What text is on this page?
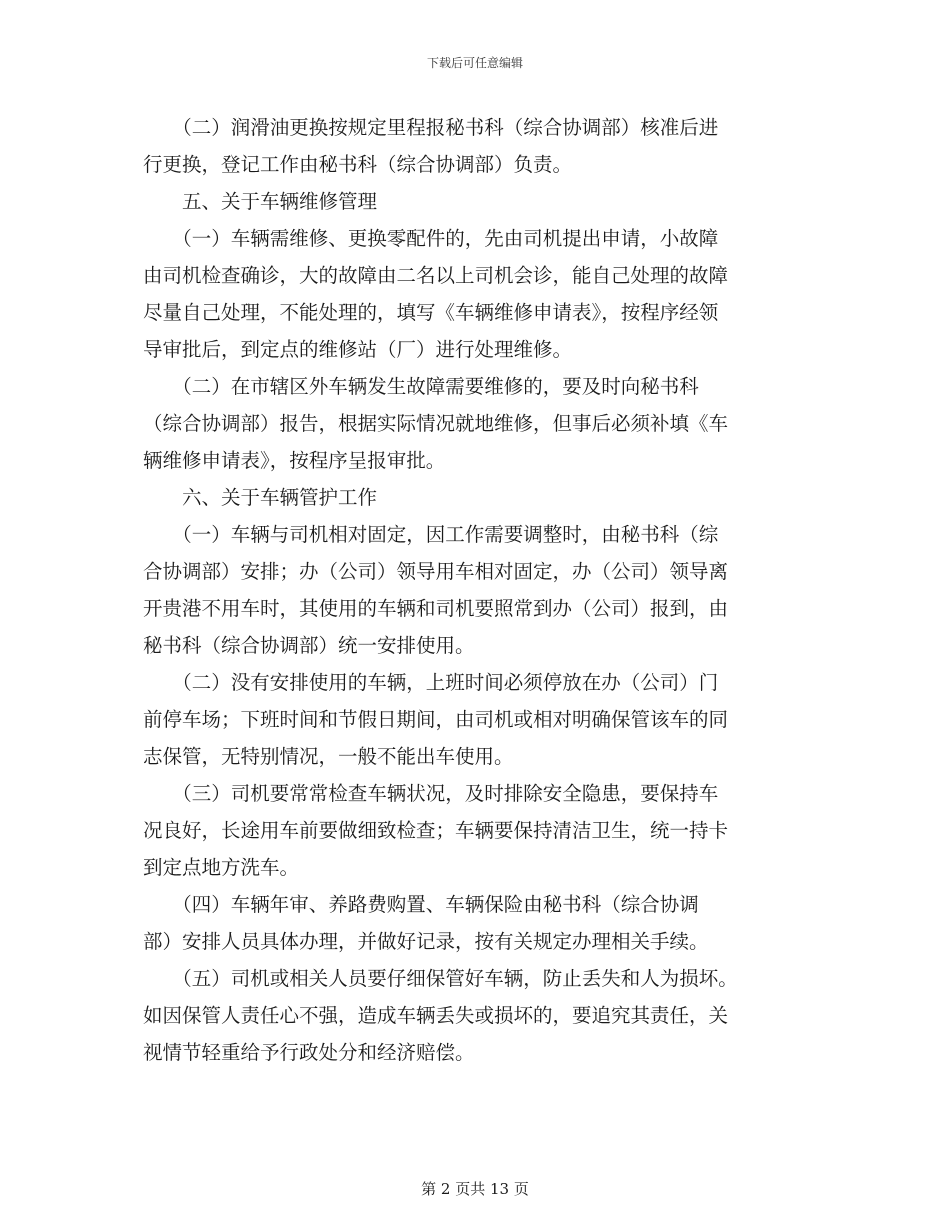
下载后可任意编辑

　　（二）润滑油更换按规定里程报秘书科（综合协调部）核准后进
行更换，登记工作由秘书科（综合协调部）负责。

　　五、关于车辆维修管理

　　（一）车辆需维修、更换零配件的，先由司机提出申请，小故障
由司机检查确诊，大的故障由二名以上司机会诊，能自己处理的故障
尽量自己处理，不能处理的，填写《车辆维修申请表》，按程序经领
导审批后，到定点的维修站（厂）进行处理维修。

　　（二）在市辖区外车辆发生故障需要维修的，要及时向秘书科
（综合协调部）报告，根据实际情况就地维修，但事后必须补填《车
辆维修申请表》，按程序呈报审批。

　　六、关于车辆管护工作

　　（一）车辆与司机相对固定，因工作需要调整时，由秘书科（综
合协调部）安排；办（公司）领导用车相对固定，办（公司）领导离
开贵港不用车时，其使用的车辆和司机要照常到办（公司）报到，由
秘书科（综合协调部）统一安排使用。

　　（二）没有安排使用的车辆，上班时间必须停放在办（公司）门
前停车场；下班时间和节假日期间，由司机或相对明确保管该车的同
志保管，无特别情况，一般不能出车使用。

　　（三）司机要常常检查车辆状况，及时排除安全隐患，要保持车
况良好，长途用车前要做细致检查；车辆要保持清洁卫生，统一持卡
到定点地方洗车。

　　（四）车辆年审、养路费购置、车辆保险由秘书科（综合协调
部）安排人员具体办理，并做好记录，按有关规定办理相关手续。

　　（五）司机或相关人员要仔细保管好车辆，防止丢失和人为损坏。
如因保管人责任心不强，造成车辆丢失或损坏的，要追究其责任，关
视情节轻重给予行政处分和经济赔偿。

第 2 页共 13 页
